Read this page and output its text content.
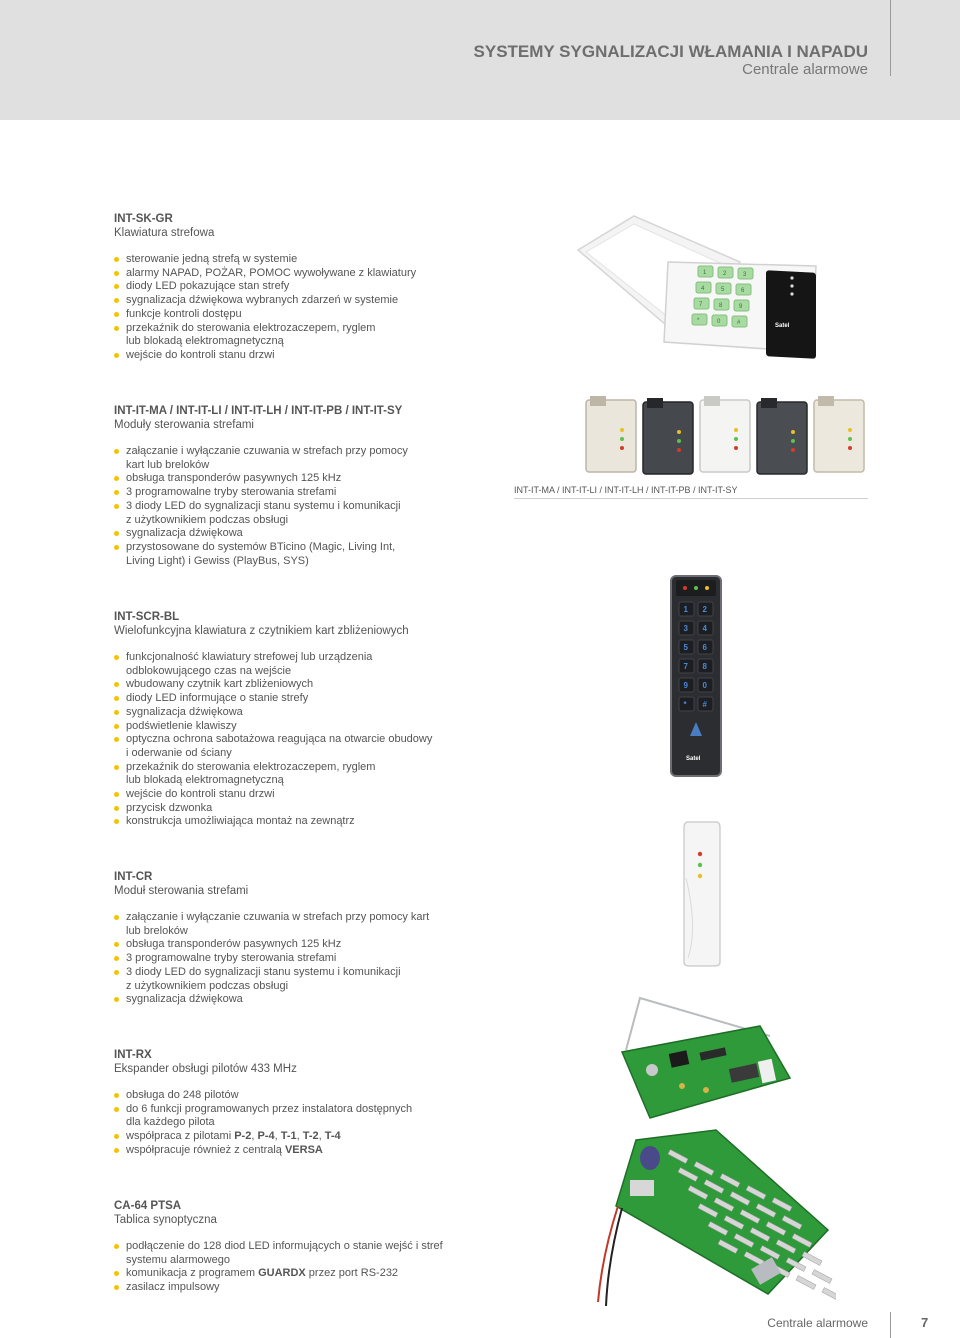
SYSTEMY SYGNALIZACJI WŁAMANIA I NAPADU
Centrale alarmowe
INT-SK-GR
Klawiatura strefowa
sterowanie jedną strefą w systemie
alarmy NAPAD, POŻAR, POMOC wywoływane z klawiatury
diody LED pokazujące stan strefy
sygnalizacja dźwiękowa wybranych zdarzeń w systemie
funkcje kontroli dostępu
przekaźnik do sterowania elektrozaczepem, ryglem
lub blokadą elektromagnetyczną
wejście do kontroli stanu drzwi
INT-IT-MA / INT-IT-LI / INT-IT-LH / INT-IT-PB / INT-IT-SY
Moduły sterowania strefami
załączanie i wyłączanie czuwania w strefach przy pomocy
kart lub breloków
obsługa transponderów pasywnych 125 kHz
3 programowalne tryby sterowania strefami
3 diody LED do sygnalizacji stanu systemu i komunikacji
z użytkownikiem podczas obsługi
sygnalizacja dźwiękowa
przystosowane do systemów BTicino (Magic, Living Int,
Living Light) i Gewiss (PlayBus, SYS)
INT-SCR-BL
Wielofunkcyjna klawiatura z czytnikiem kart zbliżeniowych
funkcjonalność klawiatury strefowej lub urządzenia
odblokowującego czas na wejście
wbudowany czytnik kart zbliżeniowych
diody LED informujące o stanie strefy
sygnalizacja dźwiękowa
podświetlenie klawiszy
optyczna ochrona sabotażowa reagująca na otwarcie obudowy
i oderwanie od ściany
przekaźnik do sterowania elektrozaczepem, ryglem
lub blokadą elektromagnetyczną
wejście do kontroli stanu drzwi
przycisk dzwonka
konstrukcja umożliwiająca montaż na zewnątrz
INT-CR
Moduł sterowania strefami
załączanie i wyłączanie czuwania w strefach przy pomocy kart
lub breloków
obsługa transponderów pasywnych 125 kHz
3 programowalne tryby sterowania strefami
3 diody LED do sygnalizacji stanu systemu i komunikacji
z użytkownikiem podczas obsługi
sygnalizacja dźwiękowa
INT-RX
Ekspander obsługi pilotów 433 MHz
obsługa do 248 pilotów
do 6 funkcji programowanych przez instalatora dostępnych
dla każdego pilota
współpraca z pilotami P-2, P-4, T-1, T-2, T-4
współpracuje również z centralą VERSA
CA-64 PTSA
Tablica synoptyczna
podłączenie do 128 diod LED informujących o stanie wejść i stref
systemu alarmowego
komunikacja z programem GUARDX przez port RS-232
zasilacz impulsowy
1	2	3
4	5	6
7	8	9
*	0	#	Satel
INT-IT-MA / INT-IT-LI / INT-IT-LH / INT-IT-PB / INT-IT-SY
1 2
3 4
5 6
7 8
9 0
* #
Satel
Centrale alarmowe	7
